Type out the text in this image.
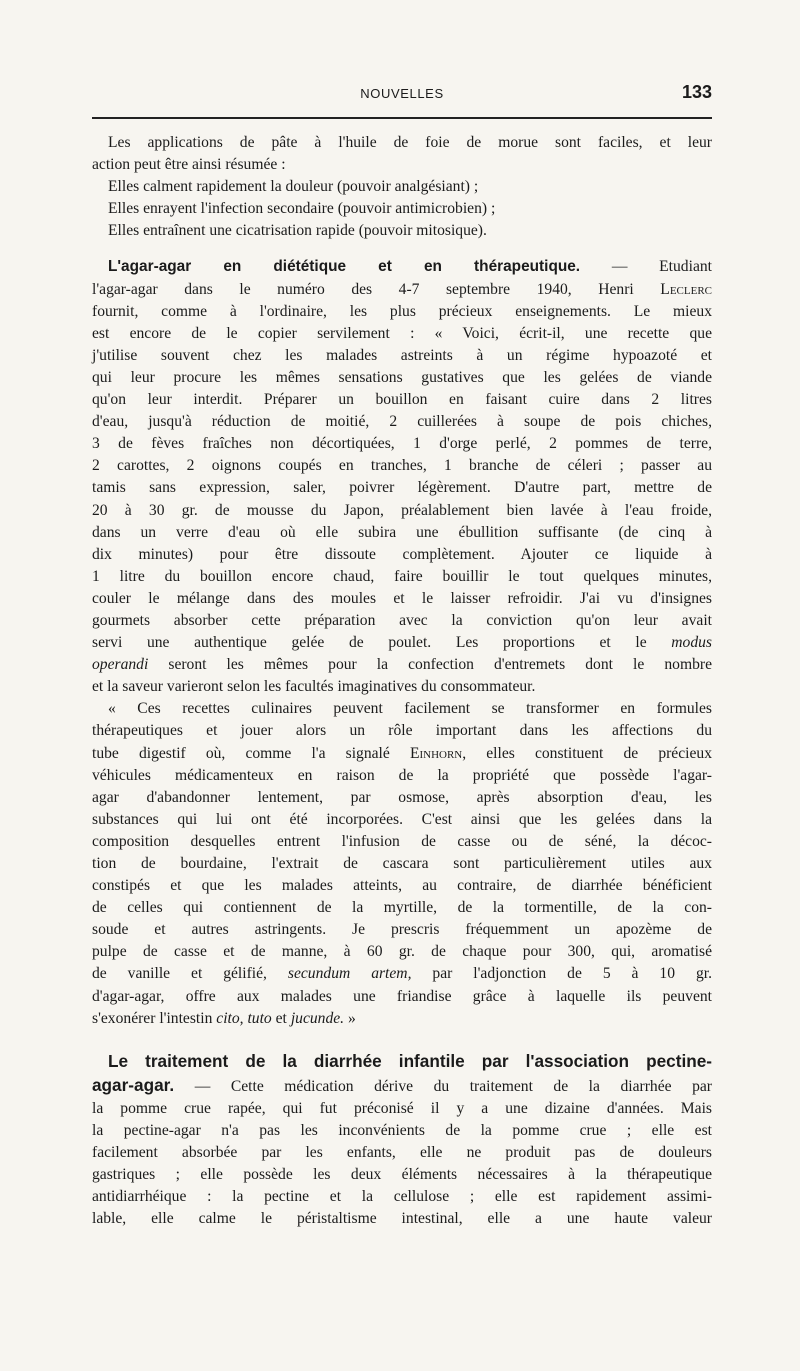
NOUVELLES	133
Les applications de pâte à l'huile de foie de morue sont faciles, et leur
action peut être ainsi résumée :
Elles calment rapidement la douleur (pouvoir analgésiant) ;
Elles enrayent l'infection secondaire (pouvoir antimicrobien) ;
Elles entraînent une cicatrisation rapide (pouvoir mitosique).
L'agar-agar en diététique et en thérapeutique. — Etudiant
l'agar-agar dans le numéro des 4-7 septembre 1940, Henri Leclerc
fournit, comme à l'ordinaire, les plus précieux enseignements. Le mieux
est encore de le copier servilement : « Voici, écrit-il, une recette que
j'utilise souvent chez les malades astreints à un régime hypoazoté et
qui leur procure les mêmes sensations gustatives que les gelées de viande
qu'on leur interdit. Préparer un bouillon en faisant cuire dans 2 litres
d'eau, jusqu'à réduction de moitié, 2 cuillerées à soupe de pois chiches,
3 de fèves fraîches non décortiquées, 1 d'orge perlé, 2 pommes de terre,
2 carottes, 2 oignons coupés en tranches, 1 branche de céleri ; passer au
tamis sans expression, saler, poivrer légèrement. D'autre part, mettre de
20 à 30 gr. de mousse du Japon, préalablement bien lavée à l'eau froide,
dans un verre d'eau où elle subira une ébullition suffisante (de cinq à
dix minutes) pour être dissoute complètement. Ajouter ce liquide à
1 litre du bouillon encore chaud, faire bouillir le tout quelques minutes,
couler le mélange dans des moules et le laisser refroidir. J'ai vu d'insignes
gourmets absorber cette préparation avec la conviction qu'on leur avait
servi une authentique gelée de poulet. Les proportions et le modus
operandi seront les mêmes pour la confection d'entremets dont le nombre
et la saveur varieront selon les facultés imaginatives du consommateur.
« Ces recettes culinaires peuvent facilement se transformer en formules
thérapeutiques et jouer alors un rôle important dans les affections du
tube digestif où, comme l'a signalé Einhorn, elles constituent de précieux
véhicules médicamenteux en raison de la propriété que possède l'agar-
agar d'abandonner lentement, par osmose, après absorption d'eau, les
substances qui lui ont été incorporées. C'est ainsi que les gelées dans la
composition desquelles entrent l'infusion de casse ou de séné, la décoc-
tion de bourdaine, l'extrait de cascara sont particulièrement utiles aux
constipés et que les malades atteints, au contraire, de diarrhée bénéficient
de celles qui contiennent de la myrtille, de la tormentille, de la con-
soude et autres astringents. Je prescris fréquemment un apozème de
pulpe de casse et de manne, à 60 gr. de chaque pour 300, qui, aromatisé
de vanille et gélifié, secundum artem, par l'adjonction de 5 à 10 gr.
d'agar-agar, offre aux malades une friandise grâce à laquelle ils peuvent
s'exonérer l'intestin cito, tuto et jucunde. »
Le traitement de la diarrhée infantile par l'association pectine-
agar-agar. — Cette médication dérive du traitement de la diarrhée par
la pomme crue rapée, qui fut préconisé il y a une dizaine d'années. Mais
la pectine-agar n'a pas les inconvénients de la pomme crue ; elle est
facilement absorbée par les enfants, elle ne produit pas de douleurs
gastriques ; elle possède les deux éléments nécessaires à la thérapeutique
antidiarrhéique : la pectine et la cellulose ; elle est rapidement assimi-
lable, elle calme le péristaltisme intestinal, elle a une haute valeur
